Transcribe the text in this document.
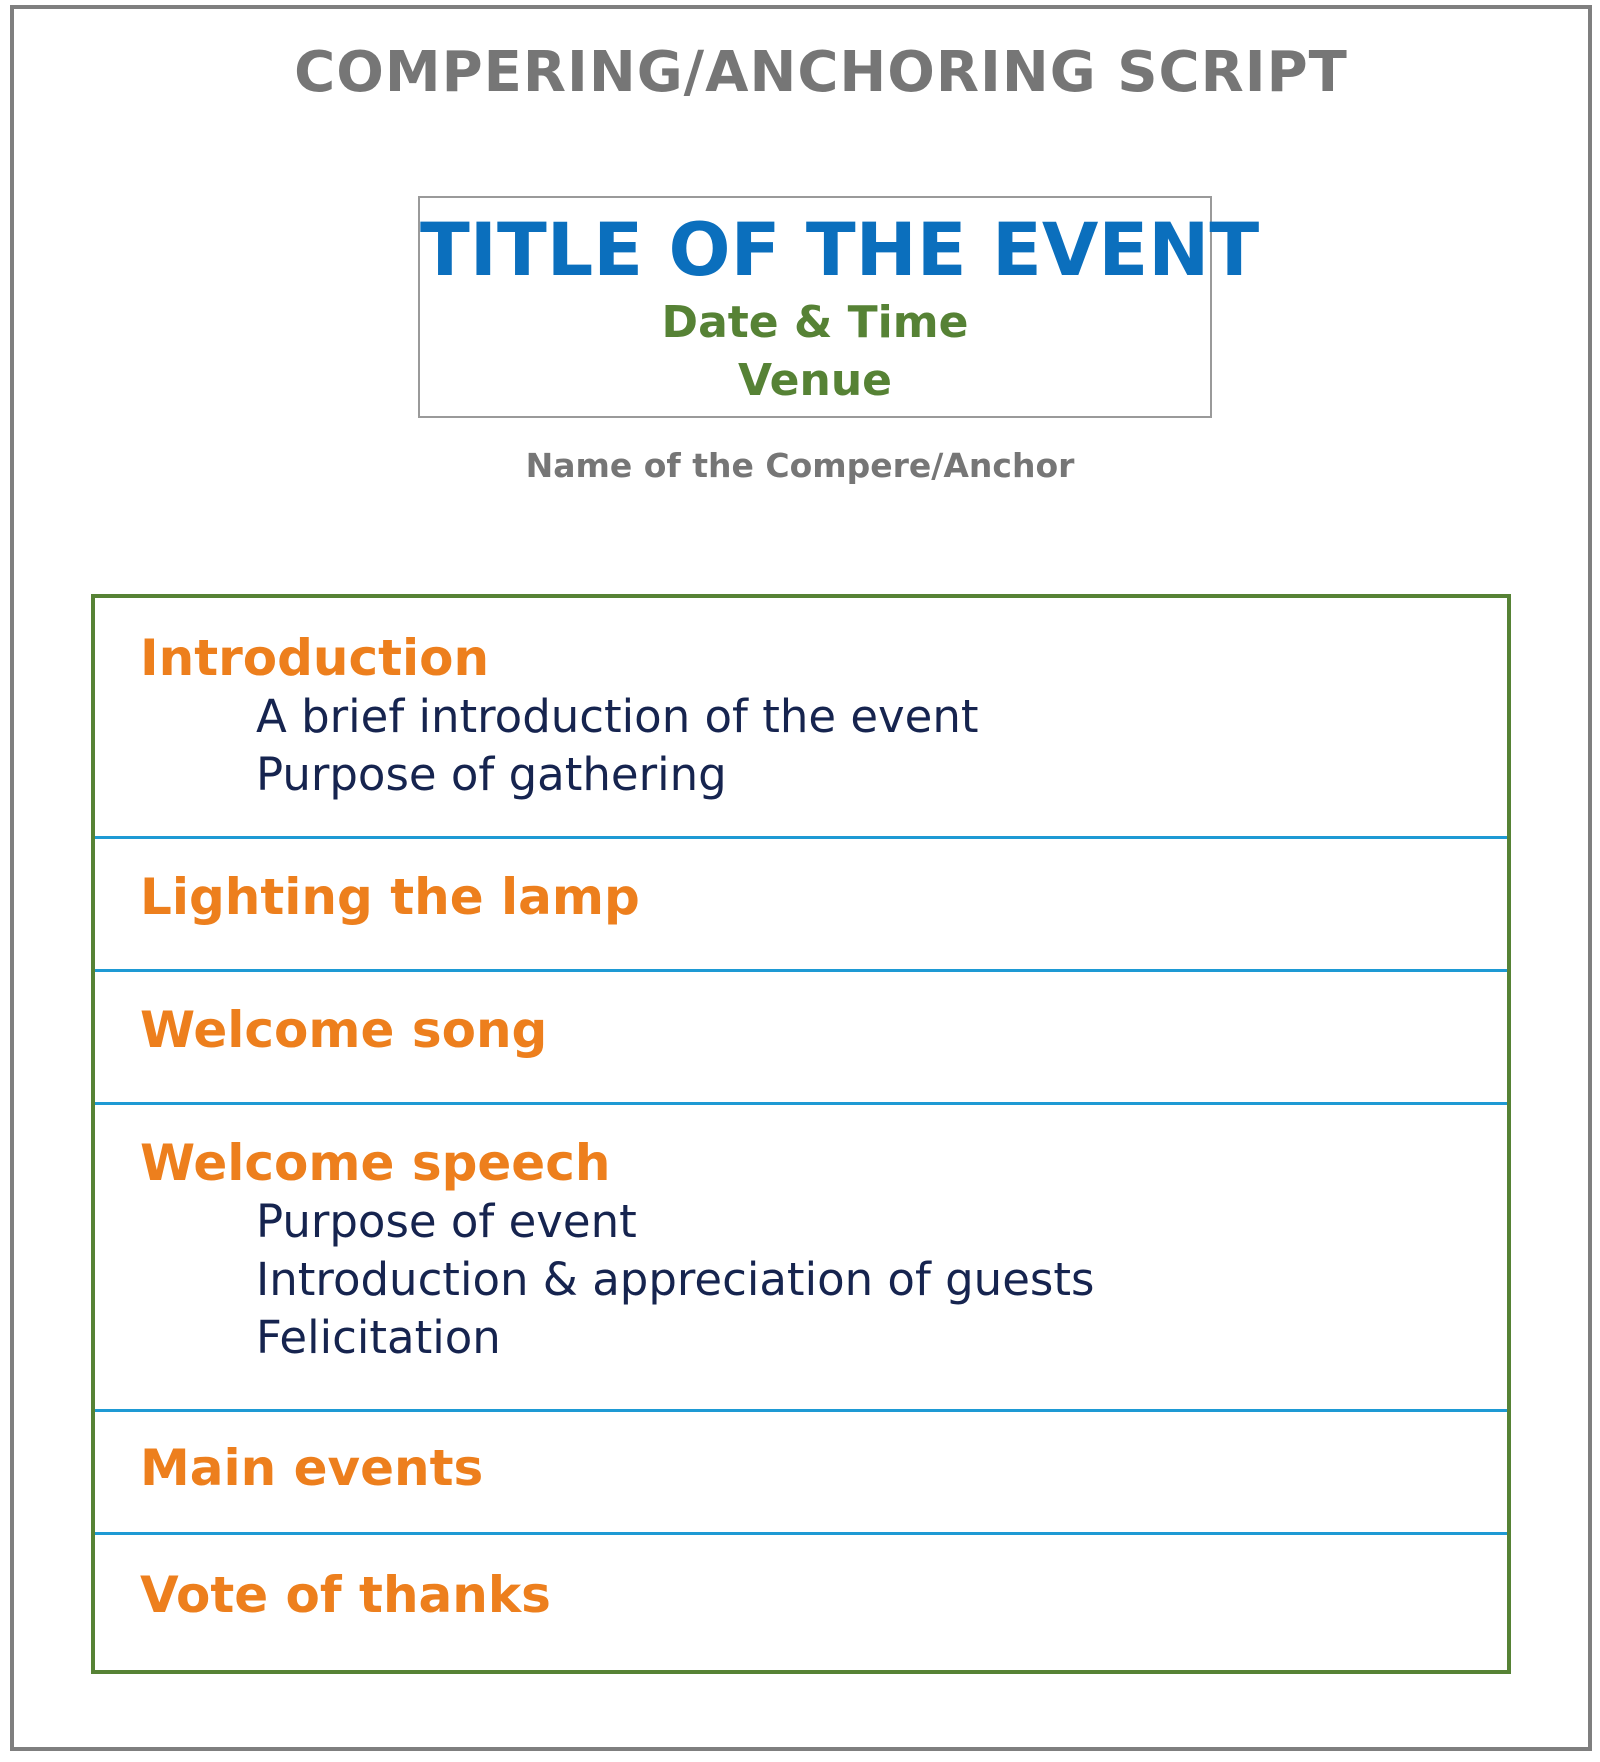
COMPERING/ANCHORING SCRIPT
TITLE OF THE EVENT
Date & Time
Venue
Name of the Compere/Anchor
Introduction
A brief introduction of the event
Purpose of gathering
Lighting the lamp
Welcome song
Welcome speech
Purpose of event
Introduction & appreciation of guests
Felicitation
Main events
Vote of thanks
